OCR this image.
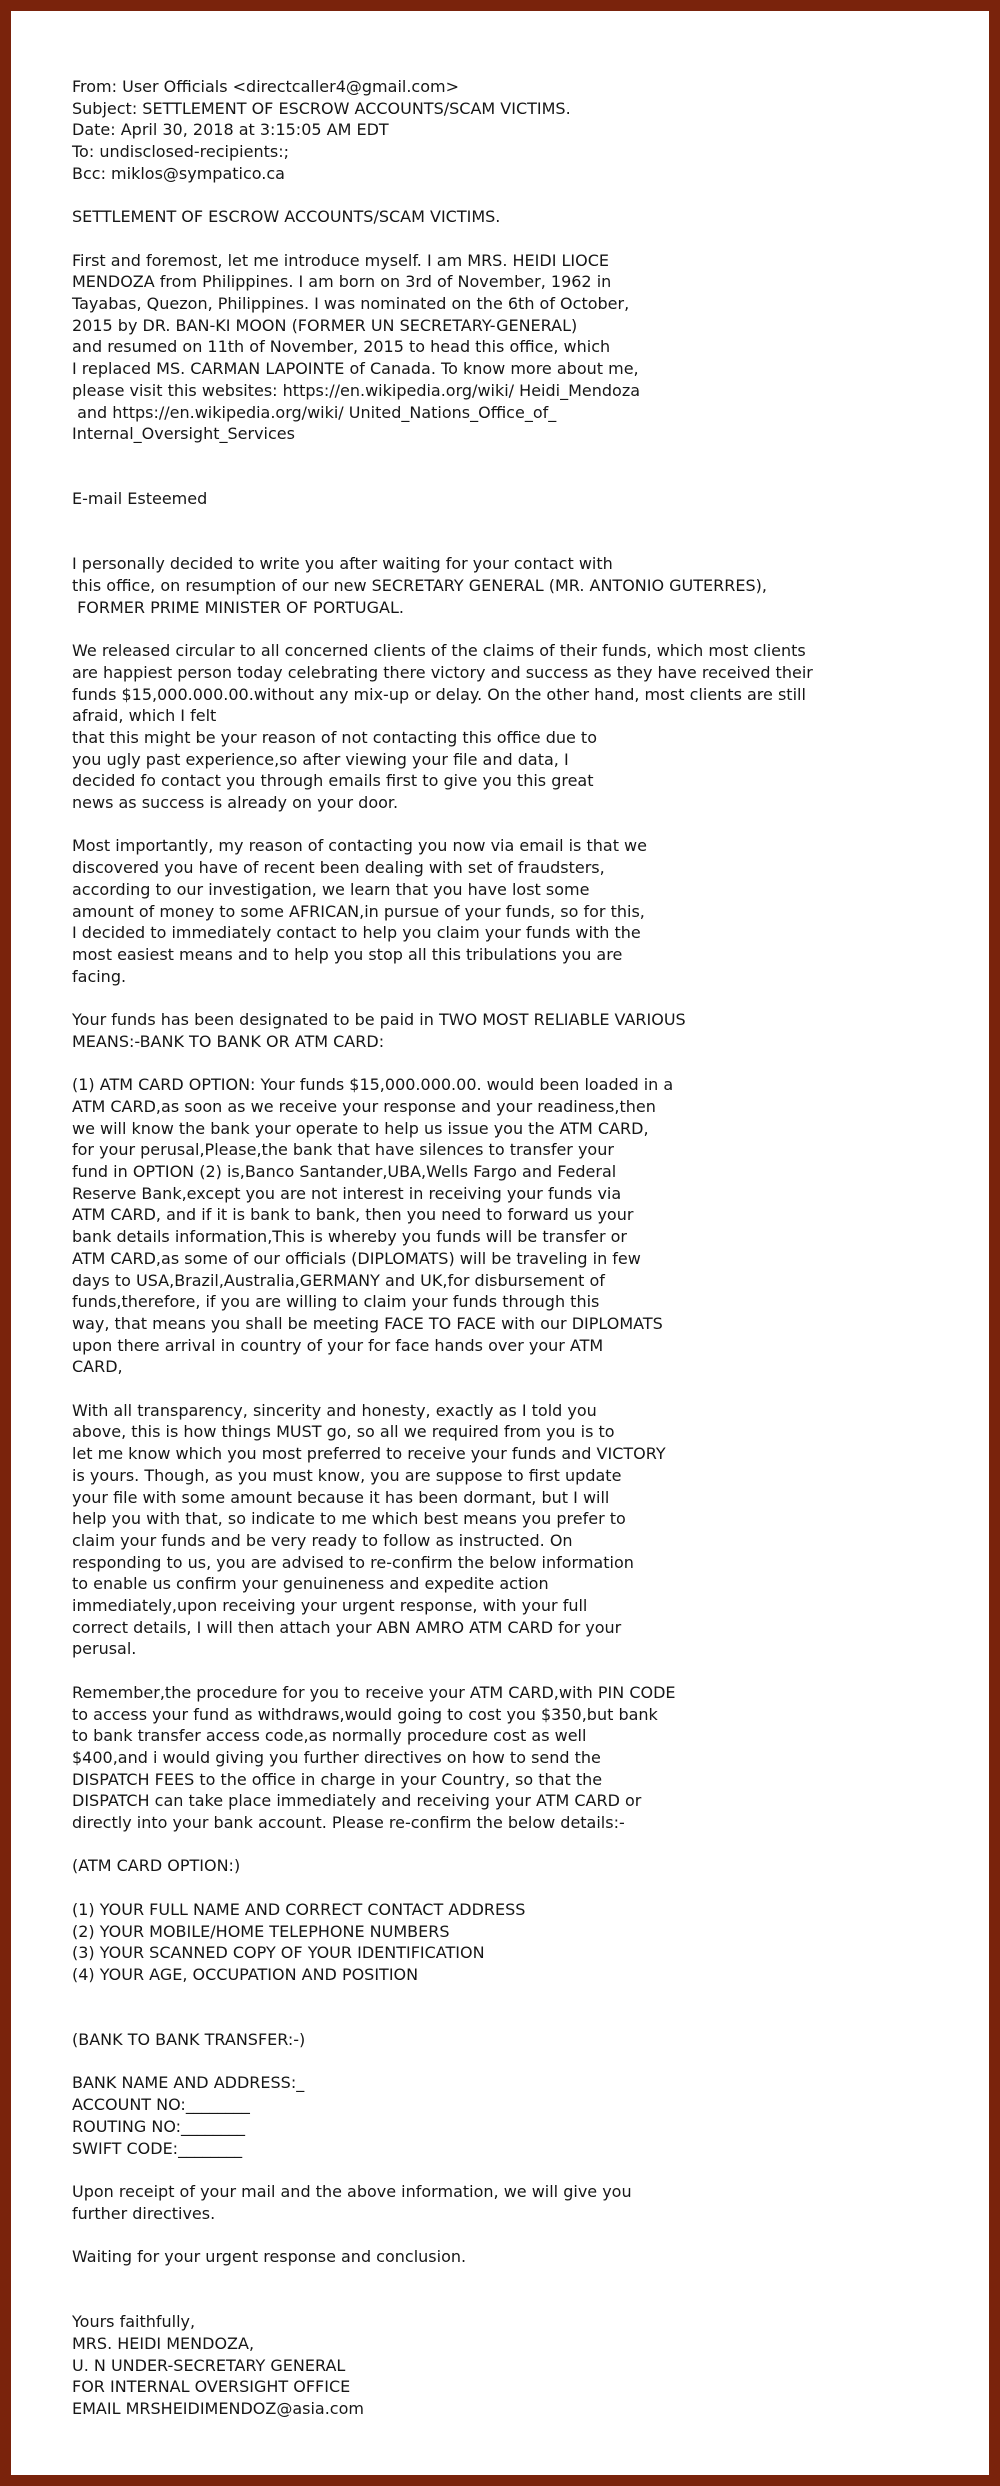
From: User Officials <directcaller4@gmail.com>
Subject: SETTLEMENT OF ESCROW ACCOUNTS/SCAM VICTIMS.
Date: April 30, 2018 at 3:15:05 AM EDT
To: undisclosed-recipients:;
Bcc: miklos@sympatico.ca
SETTLEMENT OF ESCROW ACCOUNTS/SCAM VICTIMS.
First and foremost, let me introduce myself. I am MRS. HEIDI LIOCE
MENDOZA from Philippines. I am born on 3rd of November, 1962 in
Tayabas, Quezon, Philippines. I was nominated on the 6th of October,
2015 by DR. BAN-KI MOON (FORMER UN SECRETARY-GENERAL)
and resumed on 11th of November, 2015 to head this office, which
I replaced MS. CARMAN LAPOINTE of Canada. To know more about me,
please visit this websites: https://en.wikipedia.org/wiki/ Heidi_Mendoza
and https://en.wikipedia.org/wiki/ United_Nations_Office_of_
Internal_Oversight_Services
E-mail Esteemed
I personally decided to write you after waiting for your contact with
this office, on resumption of our new SECRETARY GENERAL (MR. ANTONIO GUTERRES),
FORMER PRIME MINISTER OF PORTUGAL.
We released circular to all concerned clients of the claims of their funds, which most clients
are happiest person today celebrating there victory and success as they have received their
funds $15,000.000.00.without any mix-up or delay. On the other hand, most clients are still
afraid, which I felt
that this might be your reason of not contacting this office due to
you ugly past experience,so after viewing your file and data, I
decided fo contact you through emails first to give you this great
news as success is already on your door.
Most importantly, my reason of contacting you now via email is that we
discovered you have of recent been dealing with set of fraudsters,
according to our investigation, we learn that you have lost some
amount of money to some AFRICAN,in pursue of your funds, so for this,
I decided to immediately contact to help you claim your funds with the
most easiest means and to help you stop all this tribulations you are
facing.
Your funds has been designated to be paid in TWO MOST RELIABLE VARIOUS
MEANS:-BANK TO BANK OR ATM CARD:
(1) ATM CARD OPTION: Your funds $15,000.000.00. would been loaded in a
ATM CARD,as soon as we receive your response and your readiness,then
we will know the bank your operate to help us issue you the ATM CARD,
for your perusal,Please,the bank that have silences to transfer your
fund in OPTION (2) is,Banco Santander,UBA,Wells Fargo and Federal
Reserve Bank,except you are not interest in receiving your funds via
ATM CARD, and if it is bank to bank, then you need to forward us your
bank details information,This is whereby you funds will be transfer or
ATM CARD,as some of our officials (DIPLOMATS) will be traveling in few
days to USA,Brazil,Australia,GERMANY and UK,for disbursement of
funds,therefore, if you are willing to claim your funds through this
way, that means you shall be meeting FACE TO FACE with our DIPLOMATS
upon there arrival in country of your for face hands over your ATM
CARD,
With all transparency, sincerity and honesty, exactly as I told you
above, this is how things MUST go, so all we required from you is to
let me know which you most preferred to receive your funds and VICTORY
is yours. Though, as you must know, you are suppose to first update
your file with some amount because it has been dormant, but I will
help you with that, so indicate to me which best means you prefer to
claim your funds and be very ready to follow as instructed. On
responding to us, you are advised to re-confirm the below information
to enable us confirm your genuineness and expedite action
immediately,upon receiving your urgent response, with your full
correct details, I will then attach your ABN AMRO ATM CARD for your
perusal.
Remember,the procedure for you to receive your ATM CARD,with PIN CODE
to access your fund as withdraws,would going to cost you $350,but bank
to bank transfer access code,as normally procedure cost as well
$400,and i would giving you further directives on how to send the
DISPATCH FEES to the office in charge in your Country, so that the
DISPATCH can take place immediately and receiving your ATM CARD or
directly into your bank account. Please re-confirm the below details:-
(ATM CARD OPTION:)
(1) YOUR FULL NAME AND CORRECT CONTACT ADDRESS
(2) YOUR MOBILE/HOME TELEPHONE NUMBERS
(3) YOUR SCANNED COPY OF YOUR IDENTIFICATION
(4) YOUR AGE, OCCUPATION AND POSITION
(BANK TO BANK TRANSFER:-)
BANK NAME AND ADDRESS:_
ACCOUNT NO:________
ROUTING NO:________
SWIFT CODE:________
Upon receipt of your mail and the above information, we will give you
further directives.
Waiting for your urgent response and conclusion.
Yours faithfully,
MRS. HEIDI MENDOZA,
U. N UNDER-SECRETARY GENERAL
FOR INTERNAL OVERSIGHT OFFICE
EMAIL MRSHEIDIMENDOZ@asia.com
